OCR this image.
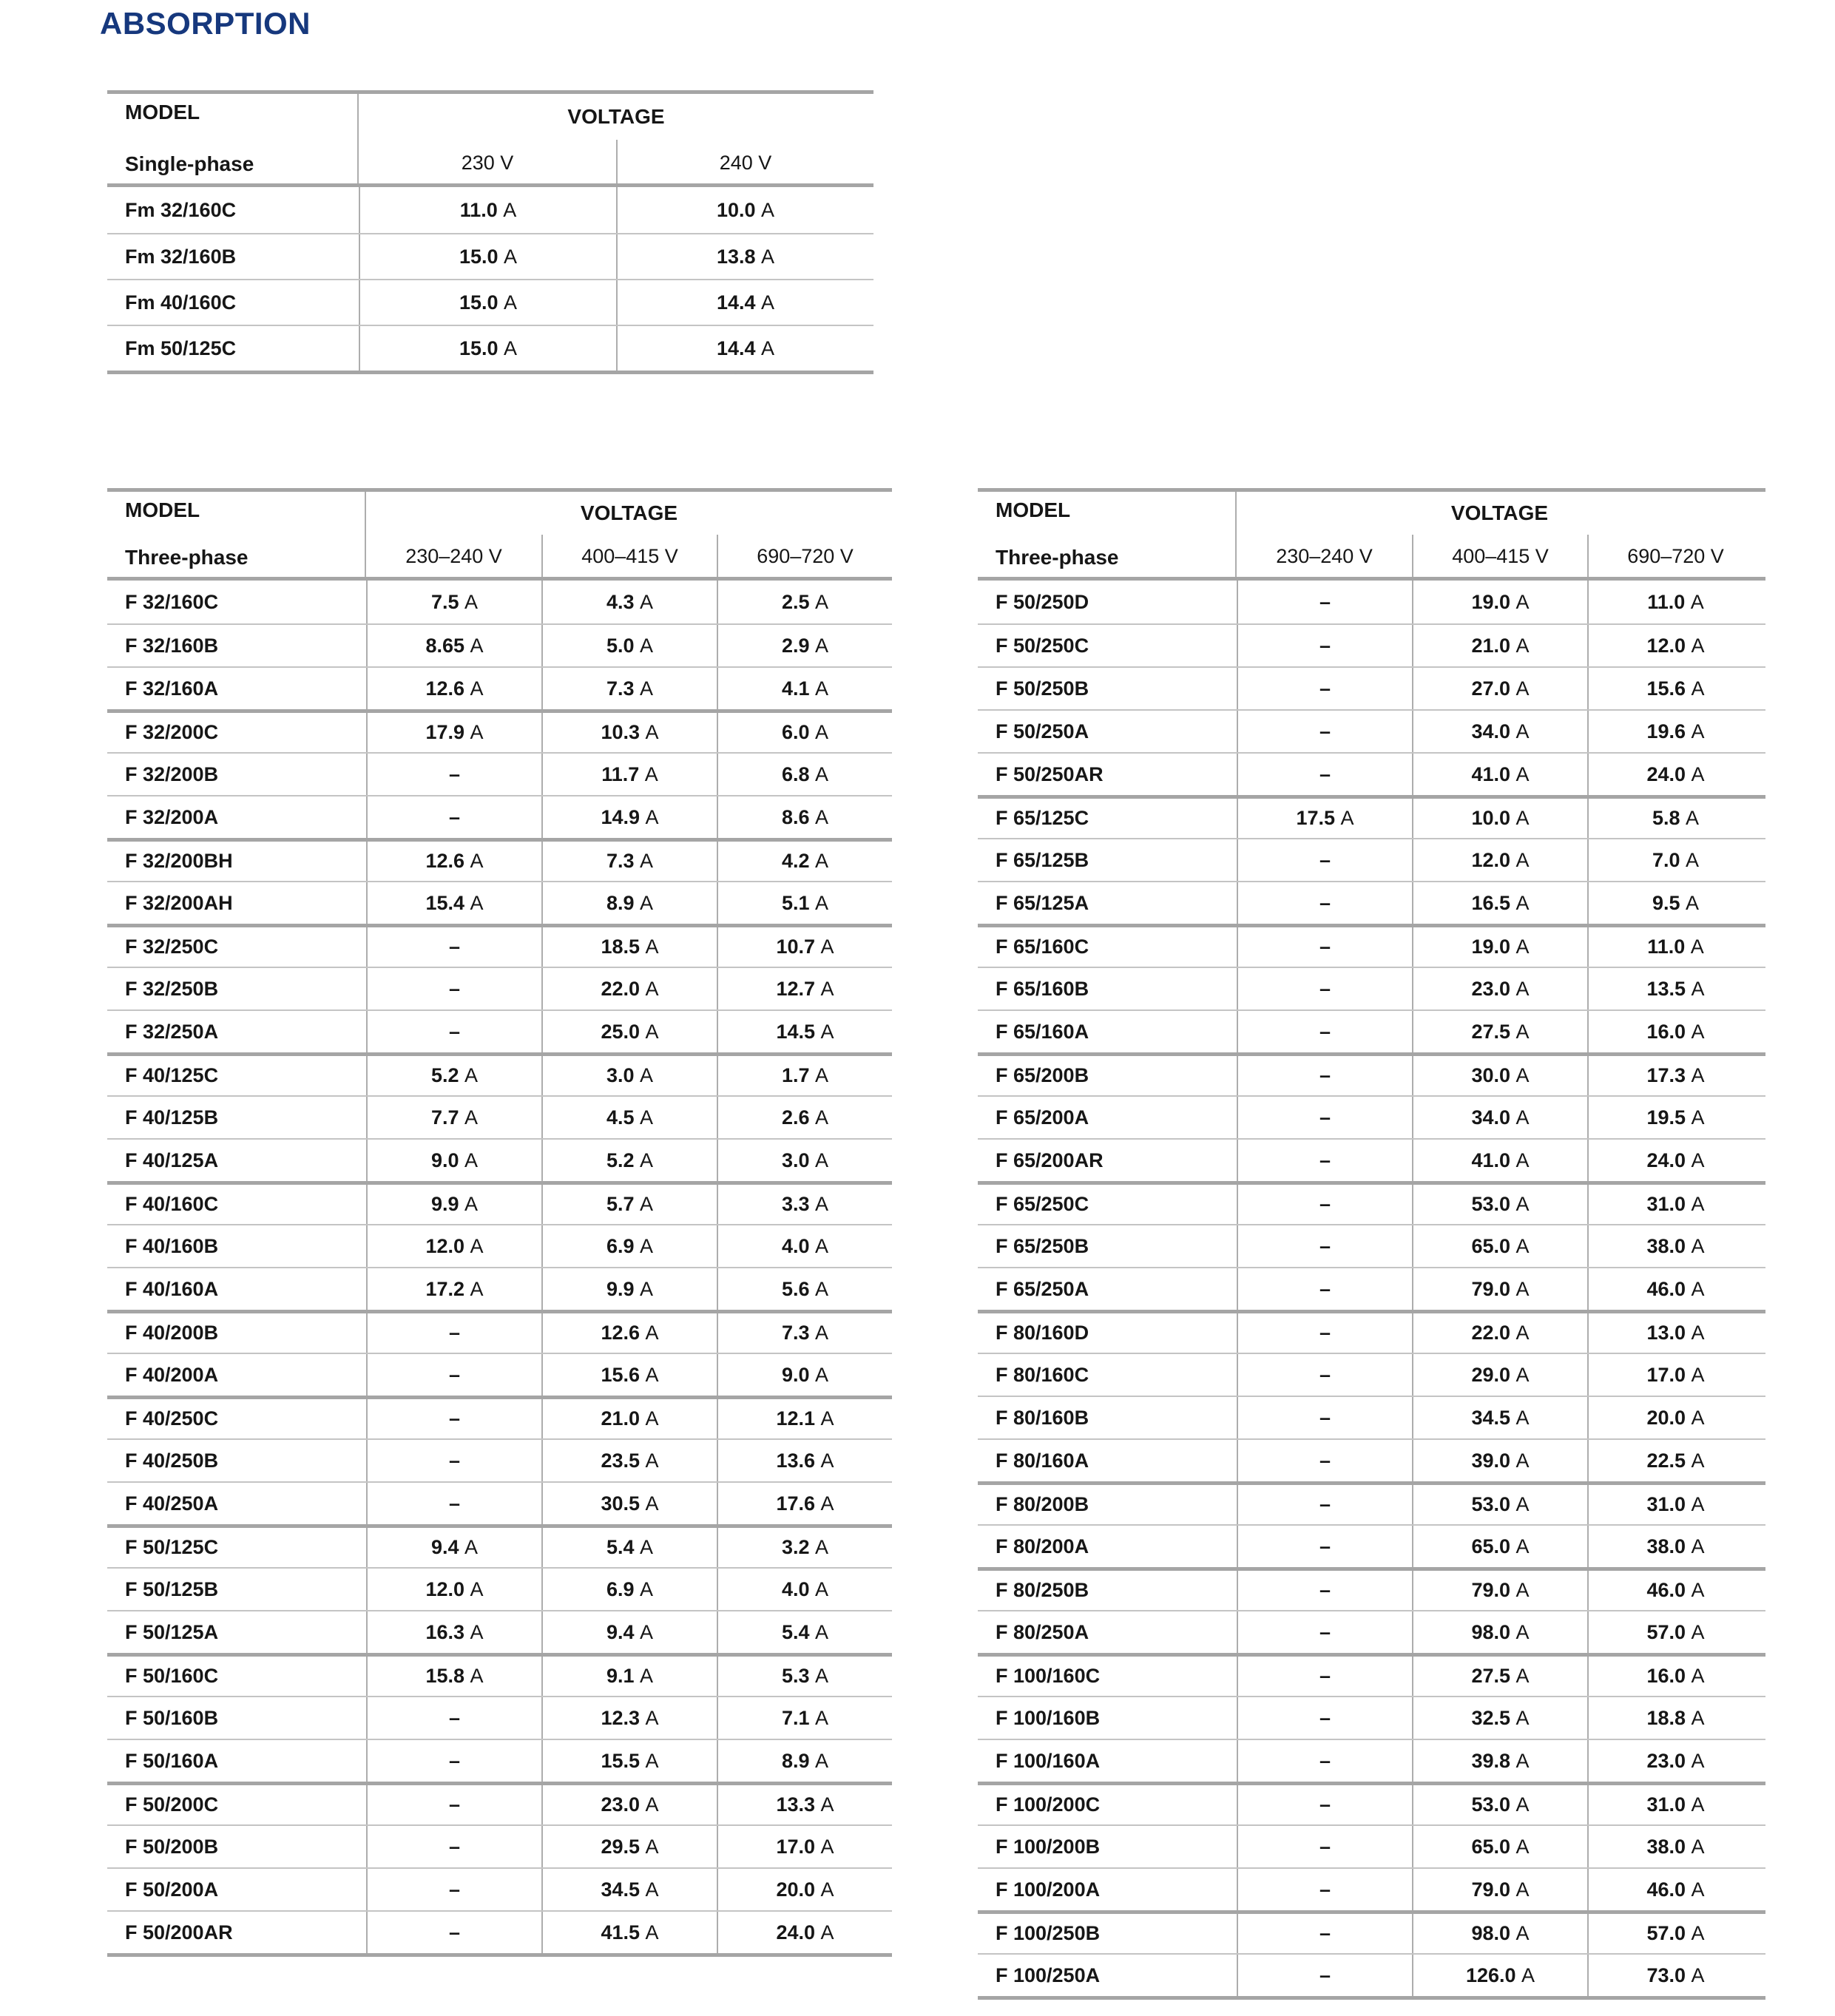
ABSORPTION
MODEL
Single-phase
VOLTAGE
230 V	240 V
Fm 32/160C	11.0 A	10.0 A
Fm 32/160B	15.0 A	13.8 A
Fm 40/160C	15.0 A	14.4 A
Fm 50/125C	15.0 A	14.4 A
MODEL
Three-phase
VOLTAGE
230–240 V	400–415 V	690–720 V
F 32/160C	7.5 A	4.3 A	2.5 A
F 32/160B	8.65 A	5.0 A	2.9 A
F 32/160A	12.6 A	7.3 A	4.1 A
F 32/200C	17.9 A	10.3 A	6.0 A
F 32/200B	–	11.7 A	6.8 A
F 32/200A	–	14.9 A	8.6 A
F 32/200BH	12.6 A	7.3 A	4.2 A
F 32/200AH	15.4 A	8.9 A	5.1 A
F 32/250C	–	18.5 A	10.7 A
F 32/250B	–	22.0 A	12.7 A
F 32/250A	–	25.0 A	14.5 A
F 40/125C	5.2 A	3.0 A	1.7 A
F 40/125B	7.7 A	4.5 A	2.6 A
F 40/125A	9.0 A	5.2 A	3.0 A
F 40/160C	9.9 A	5.7 A	3.3 A
F 40/160B	12.0 A	6.9 A	4.0 A
F 40/160A	17.2 A	9.9 A	5.6 A
F 40/200B	–	12.6 A	7.3 A
F 40/200A	–	15.6 A	9.0 A
F 40/250C	–	21.0 A	12.1 A
F 40/250B	–	23.5 A	13.6 A
F 40/250A	–	30.5 A	17.6 A
F 50/125C	9.4 A	5.4 A	3.2 A
F 50/125B	12.0 A	6.9 A	4.0 A
F 50/125A	16.3 A	9.4 A	5.4 A
F 50/160C	15.8 A	9.1 A	5.3 A
F 50/160B	–	12.3 A	7.1 A
F 50/160A	–	15.5 A	8.9 A
F 50/200C	–	23.0 A	13.3 A
F 50/200B	–	29.5 A	17.0 A
F 50/200A	–	34.5 A	20.0 A
F 50/200AR	–	41.5 A	24.0 A
MODEL
Three-phase
VOLTAGE
230–240 V	400–415 V	690–720 V
F 50/250D	–	19.0 A	11.0 A
F 50/250C	–	21.0 A	12.0 A
F 50/250B	–	27.0 A	15.6 A
F 50/250A	–	34.0 A	19.6 A
F 50/250AR	–	41.0 A	24.0 A
F 65/125C	17.5 A	10.0 A	5.8 A
F 65/125B	–	12.0 A	7.0 A
F 65/125A	–	16.5 A	9.5 A
F 65/160C	–	19.0 A	11.0 A
F 65/160B	–	23.0 A	13.5 A
F 65/160A	–	27.5 A	16.0 A
F 65/200B	–	30.0 A	17.3 A
F 65/200A	–	34.0 A	19.5 A
F 65/200AR	–	41.0 A	24.0 A
F 65/250C	–	53.0 A	31.0 A
F 65/250B	–	65.0 A	38.0 A
F 65/250A	–	79.0 A	46.0 A
F 80/160D	–	22.0 A	13.0 A
F 80/160C	–	29.0 A	17.0 A
F 80/160B	–	34.5 A	20.0 A
F 80/160A	–	39.0 A	22.5 A
F 80/200B	–	53.0 A	31.0 A
F 80/200A	–	65.0 A	38.0 A
F 80/250B	–	79.0 A	46.0 A
F 80/250A	–	98.0 A	57.0 A
F 100/160C	–	27.5 A	16.0 A
F 100/160B	–	32.5 A	18.8 A
F 100/160A	–	39.8 A	23.0 A
F 100/200C	–	53.0 A	31.0 A
F 100/200B	–	65.0 A	38.0 A
F 100/200A	–	79.0 A	46.0 A
F 100/250B	–	98.0 A	57.0 A
F 100/250A	–	126.0 A	73.0 A
